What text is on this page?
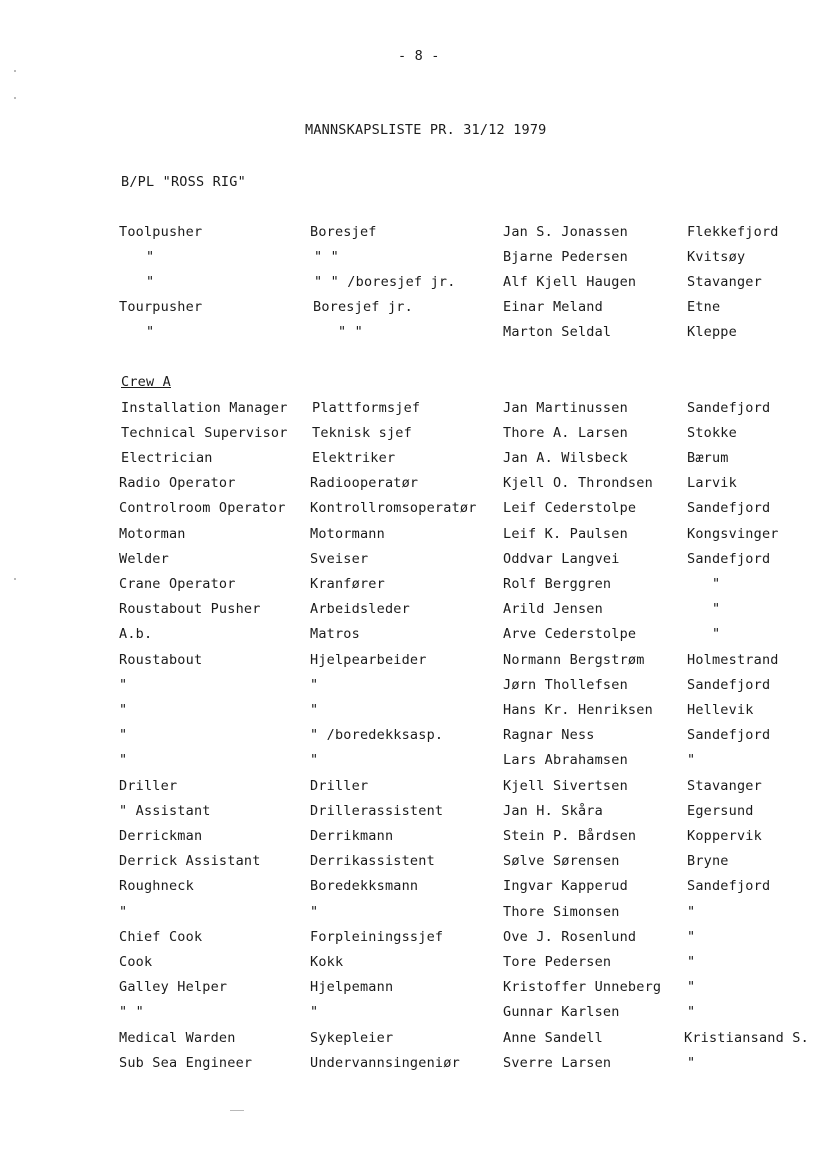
- 8 -
MANNSKAPSLISTE PR. 31/12 1979
B/PL "ROSS RIG"
Toolpusher	Boresjef	Jan S. Jonassen	Flekkefjord
"	" "	Bjarne Pedersen	Kvitsøy
"	" " /boresjef jr.	Alf Kjell Haugen	Stavanger
Tourpusher	Boresjef jr.	Einar Meland	Etne
"	" "	Marton Seldal	Kleppe
Crew A
Installation Manager Plattformsjef	Jan Martinussen	Sandefjord
Technical Supervisor Teknisk sjef	Thore A. Larsen	Stokke
Electrician	Elektriker	Jan A. Wilsbeck	Bærum
Radio Operator	Radiooperatør	Kjell O. Throndsen	Larvik
Controlroom Operator Kontrollromsoperatør Leif Cederstolpe	Sandefjord
Motorman	Motormann	Leif K. Paulsen	Kongsvinger
Welder	Sveiser	Oddvar Langvei	Sandefjord
Crane Operator	Kranfører	Rolf Berggren	"
Roustabout Pusher	Arbeidsleder	Arild Jensen	"
A.b.	Matros	Arve Cederstolpe	"
Roustabout	Hjelpearbeider	Normann Bergstrøm	Holmestrand
"	"	Jørn Thollefsen	Sandefjord
"	"	Hans Kr. Henriksen	Hellevik
"	" /boredekksasp.	Ragnar Ness	Sandefjord
"	"	Lars Abrahamsen	"
Driller	Driller	Kjell Sivertsen	Stavanger
" Assistant	Drillerassistent	Jan H. Skåra	Egersund
Derrickman	Derrikmann	Stein P. Bårdsen	Koppervik
Derrick Assistant	Derrikassistent	Sølve Sørensen	Bryne
Roughneck	Boredekksmann	Ingvar Kapperud	Sandefjord
"	"	Thore Simonsen	"
Chief Cook	Forpleiningssjef	Ove J. Rosenlund	"
Cook	Kokk	Tore Pedersen	"
Galley Helper	Hjelpemann	Kristoffer Unneberg "
" "	"	Gunnar Karlsen	"
Medical Warden	Sykepleier	Anne Sandell	Kristiansand S.
Sub Sea Engineer	Undervannsingeniør	Sverre Larsen	"
